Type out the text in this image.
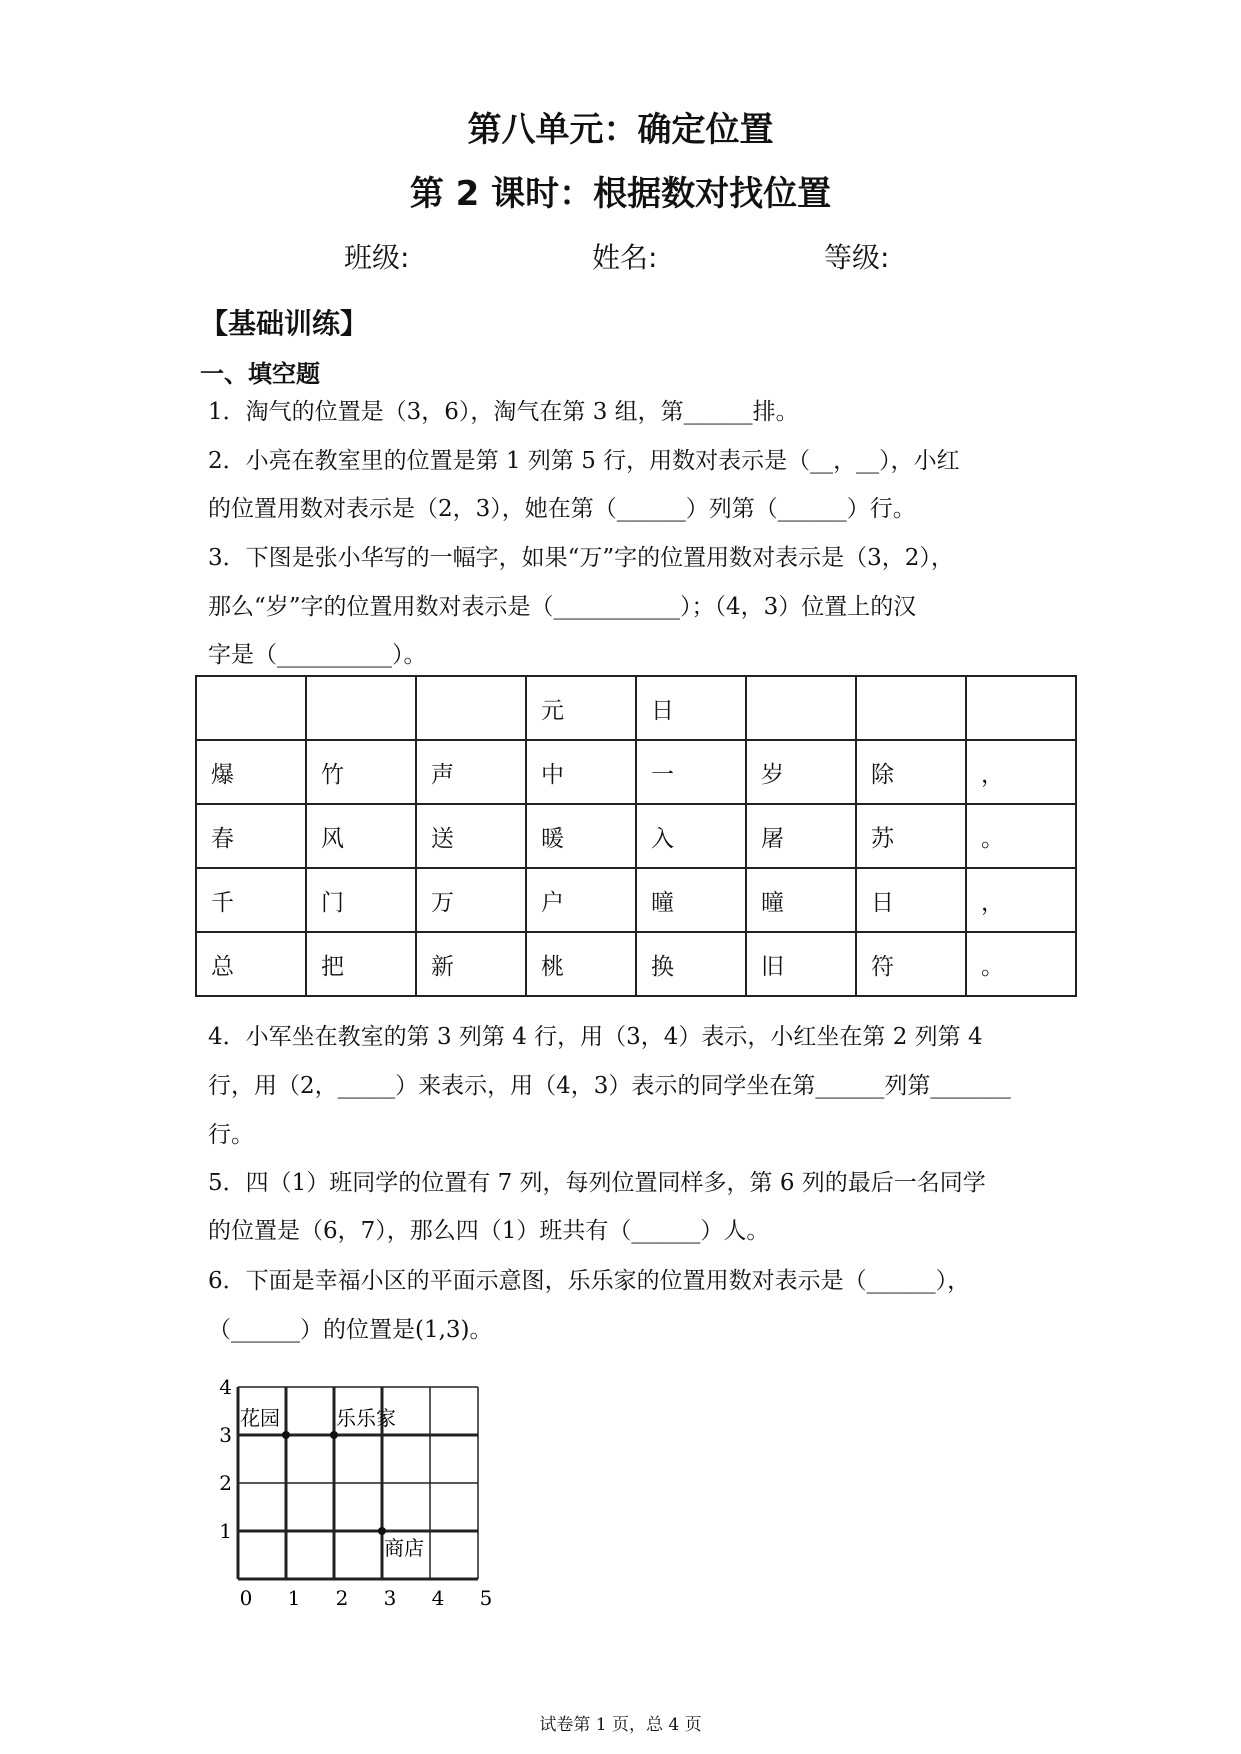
第八单元：确定位置
第 2 课时：根据数对找位置
班级:	姓名:	等级:
【基础训练】
一、填空题
1．淘气的位置是（3，6），淘气在第 3 组，第______排。
2．小亮在教室里的位置是第 1 列第 5 行，用数对表示是（__，__），小红
的位置用数对表示是（2，3），她在第（______）列第（______）行。
3．下图是张小华写的一幅字，如果“万”字的位置用数对表示是（3，2），
那么“岁”字的位置用数对表示是（___________）；（4，3）位置上的汉
字是（__________）。
			元	日			
爆	竹	声	中	一	岁	除	，
春	风	送	暖	入	屠	苏	。
千	门	万	户	曈	曈	日	，
总	把	新	桃	换	旧	符	。
4．小军坐在教室的第 3 列第 4 行，用（3，4）表示，小红坐在第 2 列第 4
行，用（2，_____）来表示，用（4，3）表示的同学坐在第______列第_______
行。
5．四（1）班同学的位置有 7 列，每列位置同样多，第 6 列的最后一名同学
的位置是（6，7），那么四（1）班共有（______）人。
6．下面是幸福小区的平面示意图，乐乐家的位置用数对表示是（______），
（______）的位置是(1,3)。
0 1 2 3 4 5
1
2
3
4
花园	乐乐家
商店
试卷第 1 页，总 4 页
